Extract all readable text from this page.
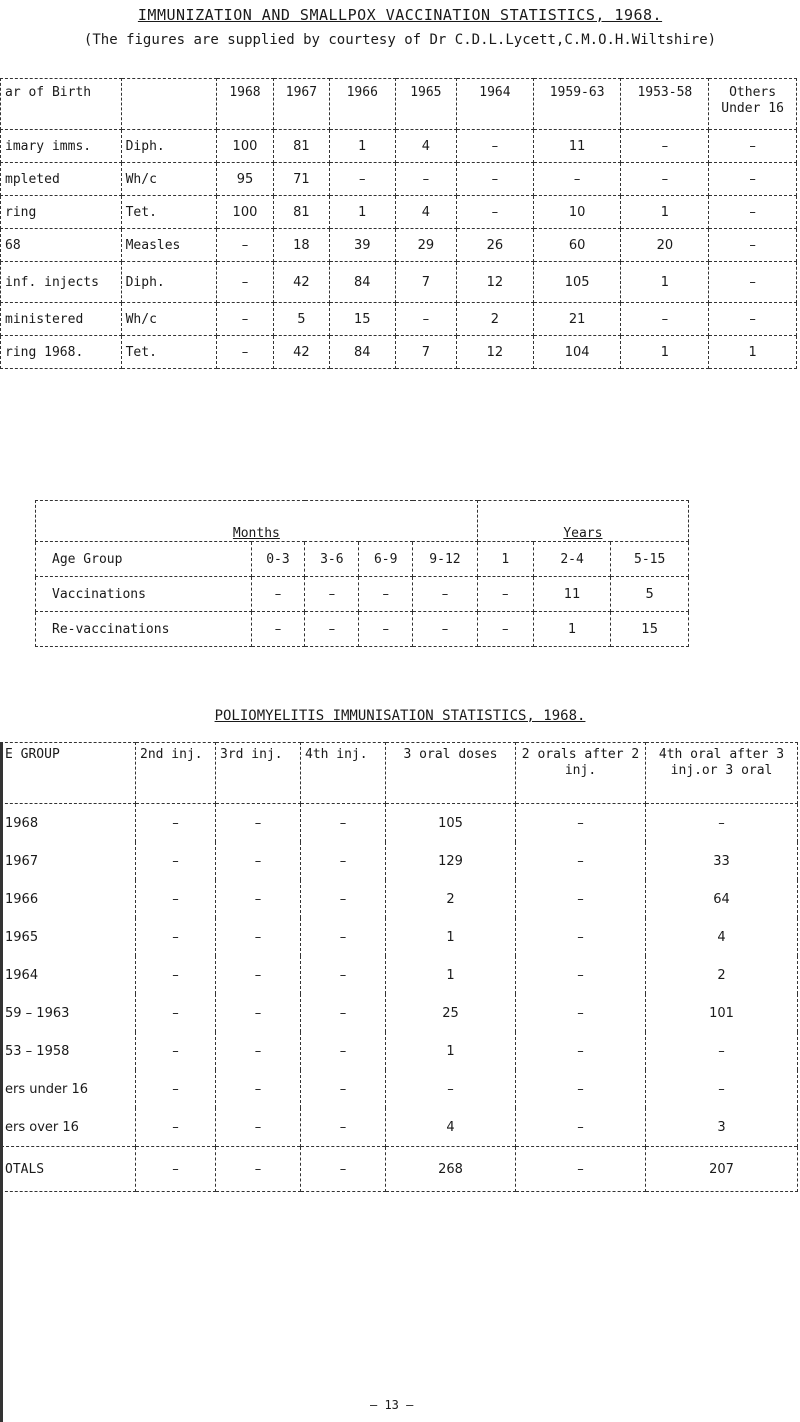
IMMUNIZATION AND SMALLPOX VACCINATION STATISTICS, 1968.
(The figures are supplied by courtesy of Dr C.D.L.Lycett,C.M.O.H.Wiltshire)
ar of Birth		1968	1967	1966	1965	1964	1959-63	1953-58	Others Under 16
imary imms.	Diph.	100	81	1	4	–	11	–	–
mpleted	Wh/c	95	71	–	–	–	–	–	–
ring	Tet.	100	81	1	4	–	10	1	–
68	Measles	–	18	39	29	26	60	20	–
inf. injects	Diph.	–	42	84	7	12	105	1	–
ministered	Wh/c	–	5	15	–	2	21	–	–
ring 1968.	Tet.	–	42	84	7	12	104	1	1
Months					Years		
Age Group	0-3	3-6	6-9	9-12	1	2-4	5-15
Vaccinations	–	–	–	–	–	11	5
Re-vaccinations	–	–	–	–	–	1	15
POLIOMYELITIS IMMUNISATION STATISTICS, 1968.
E GROUP	2nd inj.	3rd inj.	4th inj.	3 oral doses	2 orals after 2 inj.	4th oral after 3 inj.or 3 oral
1968	–	–	–	105	–	–
1967	–	–	–	129	–	33
1966	–	–	–	2	–	64
1965	–	–	–	1	–	4
1964	–	–	–	1	–	2
59 – 1963	–	–	–	25	–	101
53 – 1958	–	–	–	1	–	–
ers under 16	–	–	–	–	–	–
ers over 16	–	–	–	4	–	3
OTALS	–	–	–	268	–	207
– 13 –
